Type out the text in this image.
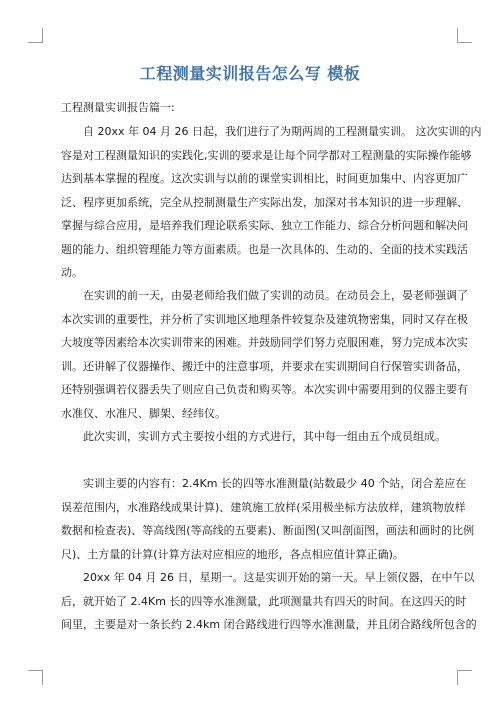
工程测量实训报告怎么写 模板
工程测量实训报告篇一:
自 20xx 年 04 月 26 日起，我们进行了为期两周的工程测量实训。 这次实训的内
容是对工程测量知识的实践化,实训的要求是让每个同学都对工程测量的实际操作能够
达到基本掌握的程度。这次实训与以前的课堂实训相比，时间更加集中、内容更加广
泛、程序更加系统，完全从控制测量生产实际出发，加深对书本知识的进一步理解、
掌握与综合应用，是培养我们理论联系实际、独立工作能力、综合分析问题和解决问
题的能力、组织管理能力等方面素质。也是一次具体的、生动的、全面的技术实践活
动。
在实训的前一天，由晏老师给我们做了实训的动员。在动员会上，晏老师强调了
本次实训的重要性，并分析了实训地区地理条件较复杂及建筑物密集，同时又存在极
大坡度等因素给本次实训带来的困难。并鼓励同学们努力克服困难，努力完成本次实
训。还讲解了仪器操作、搬迁中的注意事项，并要求在实训期间自行保管实训备品，
还特别强调若仪器丢失了则应自己负责和购买等。本次实训中需要用到的仪器主要有
水准仪、水准尺、脚架、经纬仪。
此次实训，实训方式主要按小组的方式进行，其中每一组由五个成员组成。
实训主要的内容有：2.4Km 长的四等水准测量(站数最少 40 个站，闭合差应在
误差范围内，水准路线成果计算)、建筑施工放样(采用极坐标方法放样，建筑物放样
数据和检查表)、等高线图(等高线的五要素)、断面图(又叫剖面图，画法和画时的比例
尺)、土方量的计算(计算方法对应相应的地形，各点相应值计算正确)。
20xx 年 04 月 26 日，星期一。这是实训开始的第一天。早上领仪器，在中午以
后，就开始了 2.4Km 长的四等水准测量，此项测量共有四天的时间。在这四天的时
间里，主要是对一条长约 2.4km 闭合路线进行四等水准测量，并且闭合路线所包含的
